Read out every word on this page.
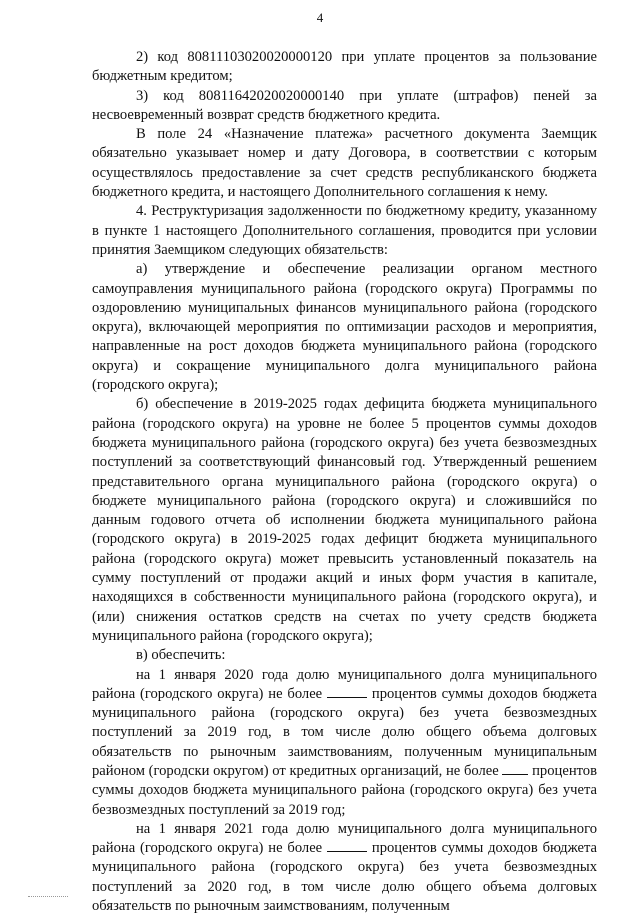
4

2) код 80811103020020000120 при уплате процентов за пользование бюджетным кредитом;

3) код 80811642020020000140 при уплате (штрафов) пеней за несвоевременный возврат средств бюджетного кредита.

В поле 24 «Назначение платежа» расчетного документа Заемщик обязательно указывает номер и дату Договора, в соответствии с которым осуществлялось предоставление за счет средств республиканского бюджета бюджетного кредита, и настоящего Дополнительного соглашения к нему.

4. Реструктуризация задолженности по бюджетному кредиту, указанному в пункте 1 настоящего Дополнительного соглашения, проводится при условии принятия Заемщиком следующих обязательств:

а) утверждение и обеспечение реализации органом местного самоуправления муниципального района (городского округа) Программы по оздоровлению муниципальных финансов муниципального района (городского округа), включающей мероприятия по оптимизации расходов и мероприятия, направленные на рост доходов бюджета муниципального района (городского округа) и сокращение муниципального долга муниципального района (городского округа);

б) обеспечение в 2019-2025 годах дефицита бюджета муниципального района (городского округа) на уровне не более 5 процентов суммы доходов бюджета муниципального района (городского округа) без учета безвозмездных поступлений за соответствующий финансовый год. Утвержденный решением представительного органа муниципального района (городского округа) о бюджете муниципального района (городского округа) и сложившийся по данным годового отчета об исполнении бюджета муниципального района (городского округа) в 2019-2025 годах дефицит бюджета муниципального района (городского округа) может превысить установленный показатель на сумму поступлений от продажи акций и иных форм участия в капитале, находящихся в собственности муниципального района (городского округа), и (или) снижения остатков средств на счетах по учету средств бюджета муниципального района (городского округа);

в) обеспечить:

на 1 января 2020 года долю муниципального долга муниципального района (городского округа) не более	процентов суммы доходов бюджета муниципального района (городского округа) без учета безвозмездных поступлений за 2019 год, в том числе долю общего объема долговых обязательств по рыночным заимствованиям, полученным муниципальным районом (городски округом) от кредитных организаций, не более процентов суммы доходов бюджета муниципального района (городского округа) без учета безвозмездных поступлений за 2019 год;

на 1 января 2021 года долю муниципального долга муниципального района (городского округа) не более	процентов суммы доходов бюджета муниципального района (городского округа) без учета безвозмездных поступлений за 2020 год, в том числе долю общего объема долговых обязательств по рыночным заимствованиям, полученным
